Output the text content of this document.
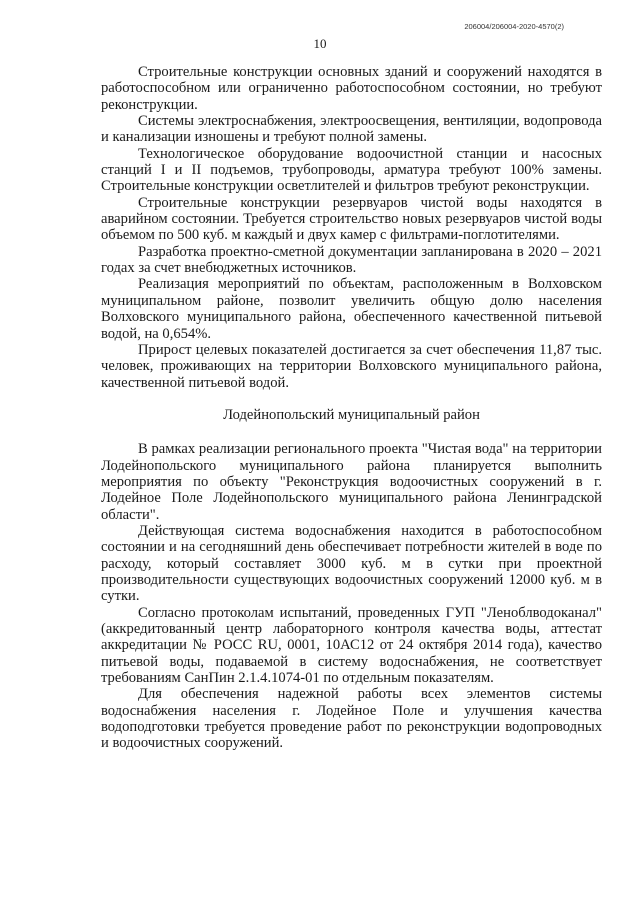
206004/206004-2020-4570(2)
10

Строительные конструкции основных зданий и сооружений находятся в работоспособном или ограниченно работоспособном состоянии, но требуют реконструкции.

Системы электроснабжения, электроосвещения, вентиляции, водопровода и канализации изношены и требуют полной замены.

Технологическое оборудование водоочистной станции и насосных станций I и II подъемов, трубопроводы, арматура требуют 100% замены. Строительные конструкции осветлителей и фильтров требуют реконструкции.

Строительные конструкции резервуаров чистой воды находятся в аварийном состоянии. Требуется строительство новых резервуаров чистой воды объемом по 500 куб. м каждый и двух камер с фильтрами-поглотителями.

Разработка проектно-сметной документации запланирована в 2020 – 2021 годах за счет внебюджетных источников.

Реализация мероприятий по объектам, расположенным в Волховском муниципальном районе, позволит увеличить общую долю населения Волховского муниципального района, обеспеченного качественной питьевой водой, на 0,654%.

Прирост целевых показателей достигается за счет обеспечения 11,87 тыс. человек, проживающих на территории Волховского муниципального района, качественной питьевой водой.

Лодейнопольский муниципальный район

В рамках реализации регионального проекта "Чистая вода" на территории Лодейнопольского муниципального района планируется выполнить мероприятия по объекту "Реконструкция водоочистных сооружений в г. Лодейное Поле Лодейнопольского муниципального района Ленинградской области".

Действующая система водоснабжения находится в работоспособном состоянии и на сегодняшний день обеспечивает потребности жителей в воде по расходу, который составляет 3000 куб. м в сутки при проектной производительности существующих водоочистных сооружений 12000 куб. м в сутки.

Согласно протоколам испытаний, проведенных ГУП "Леноблводоканал" (аккредитованный центр лабораторного контроля качества воды, аттестат аккредитации № РОСС RU, 0001, 10АС12 от 24 октября 2014 года), качество питьевой воды, подаваемой в систему водоснабжения, не соответствует требованиям СанПин 2.1.4.1074-01 по отдельным показателям.

Для обеспечения надежной работы всех элементов системы водоснабжения населения г. Лодейное Поле и улучшения качества водоподготовки требуется проведение работ по реконструкции водопроводных и водоочистных сооружений.
